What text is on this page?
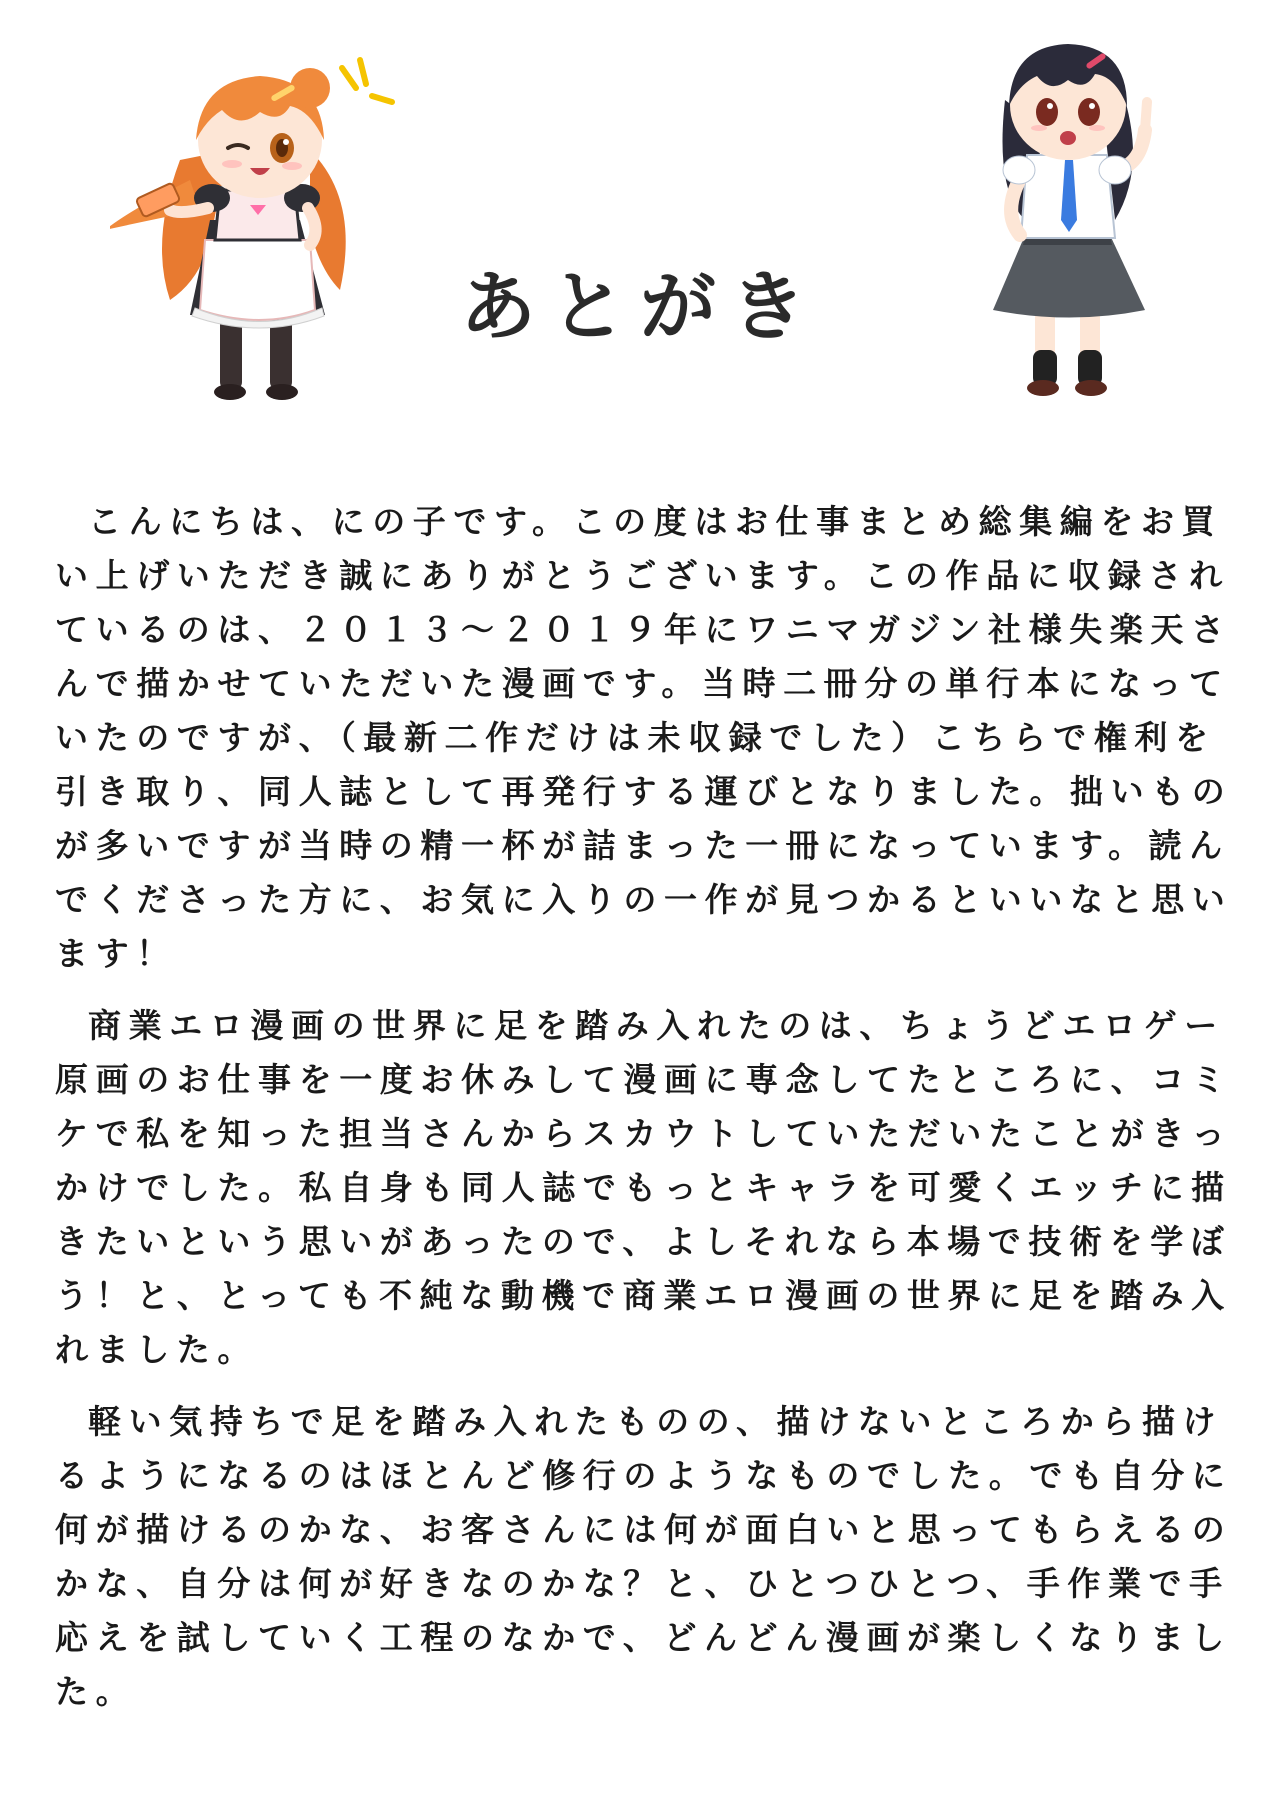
あとがき

こんにちは、にの子です。この度はお仕事まとめ総集編をお買い上げいただき誠にありがとうございます。この作品に収録されているのは、２０１３～２０１９年にワニマガジン社様失楽天さんで描かせていただいた漫画です。当時二冊分の単行本になっていたのですが、（最新二作だけは未収録でした）こちらで権利を引き取り、同人誌として再発行する運びとなりました。拙いものが多いですが当時の精一杯が詰まった一冊になっています。読んでくださった方に、お気に入りの一作が見つかるといいなと思います！

商業エロ漫画の世界に足を踏み入れたのは、ちょうどエロゲー原画のお仕事を一度お休みして漫画に専念してたところに、コミケで私を知った担当さんからスカウトしていただいたことがきっかけでした。私自身も同人誌でもっとキャラを可愛くエッチに描きたいという思いがあったので、よしそれなら本場で技術を学ぼう！と、とっても不純な動機で商業エロ漫画の世界に足を踏み入れました。

軽い気持ちで足を踏み入れたものの、描けないところから描けるようになるのはほとんど修行のようなものでした。でも自分に何が描けるのかな、お客さんには何が面白いと思ってもらえるのかな、自分は何が好きなのかな？と、ひとつひとつ、手作業で手応えを試していく工程のなかで、どんどん漫画が楽しくなりました。
